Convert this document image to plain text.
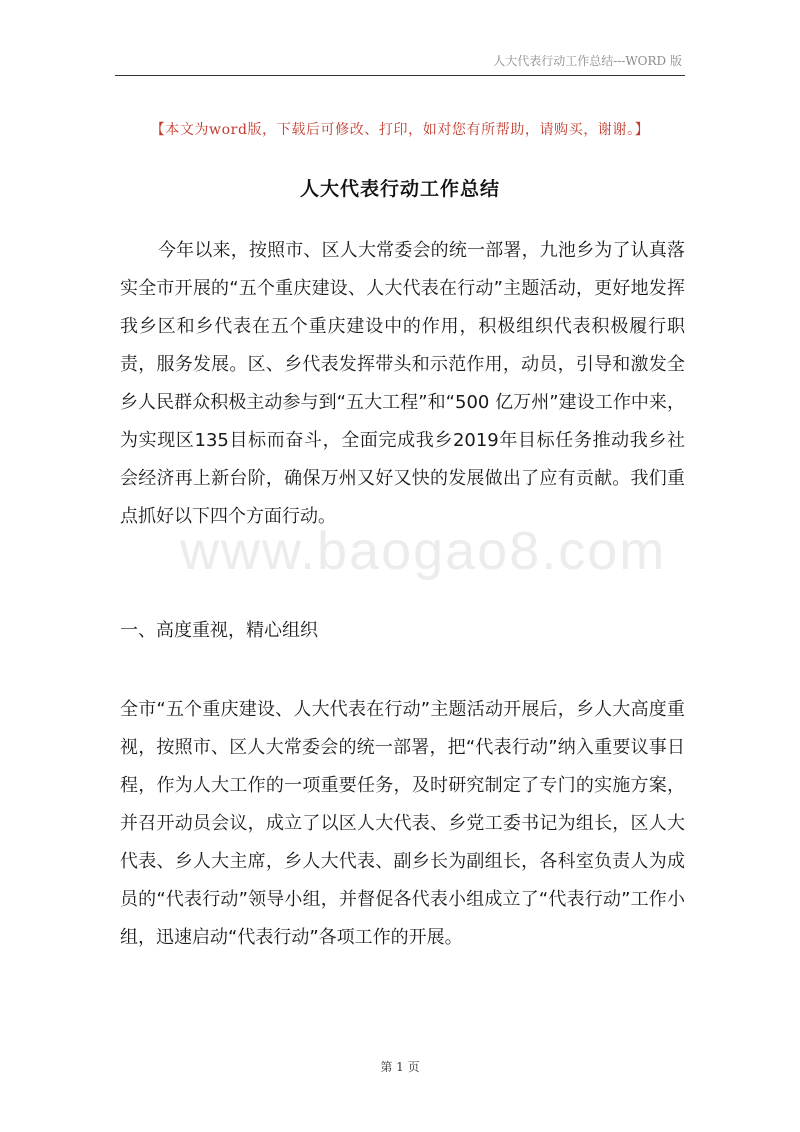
人大代表行动工作总结---WORD 版
【本文为word版，下载后可修改、打印，如对您有所帮助，请购买，谢谢。】
人大代表行动工作总结
今年以来，按照市、区人大常委会的统一部署，九池乡为了认真落实全市开展的“五个重庆建设、人大代表在行动”主题活动，更好地发挥我乡区和乡代表在五个重庆建设中的作用，积极组织代表积极履行职责，服务发展。区、乡代表发挥带头和示范作用，动员，引导和激发全乡人民群众积极主动参与到“五大工程”和“500 亿万州”建设工作中来，为实现区135目标而奋斗，全面完成我乡2019年目标任务推动我乡社会经济再上新台阶，确保万州又好又快的发展做出了应有贡献。我们重点抓好以下四个方面行动。
www.baogao8.com
一、高度重视，精心组织
全市“五个重庆建设、人大代表在行动”主题活动开展后，乡人大高度重视，按照市、区人大常委会的统一部署，把“代表行动”纳入重要议事日程，作为人大工作的一项重要任务，及时研究制定了专门的实施方案，并召开动员会议，成立了以区人大代表、乡党工委书记为组长，区人大代表、乡人大主席，乡人大代表、副乡长为副组长，各科室负责人为成员的“代表行动”领导小组，并督促各代表小组成立了“代表行动”工作小组，迅速启动“代表行动”各项工作的开展。
第 1 页
